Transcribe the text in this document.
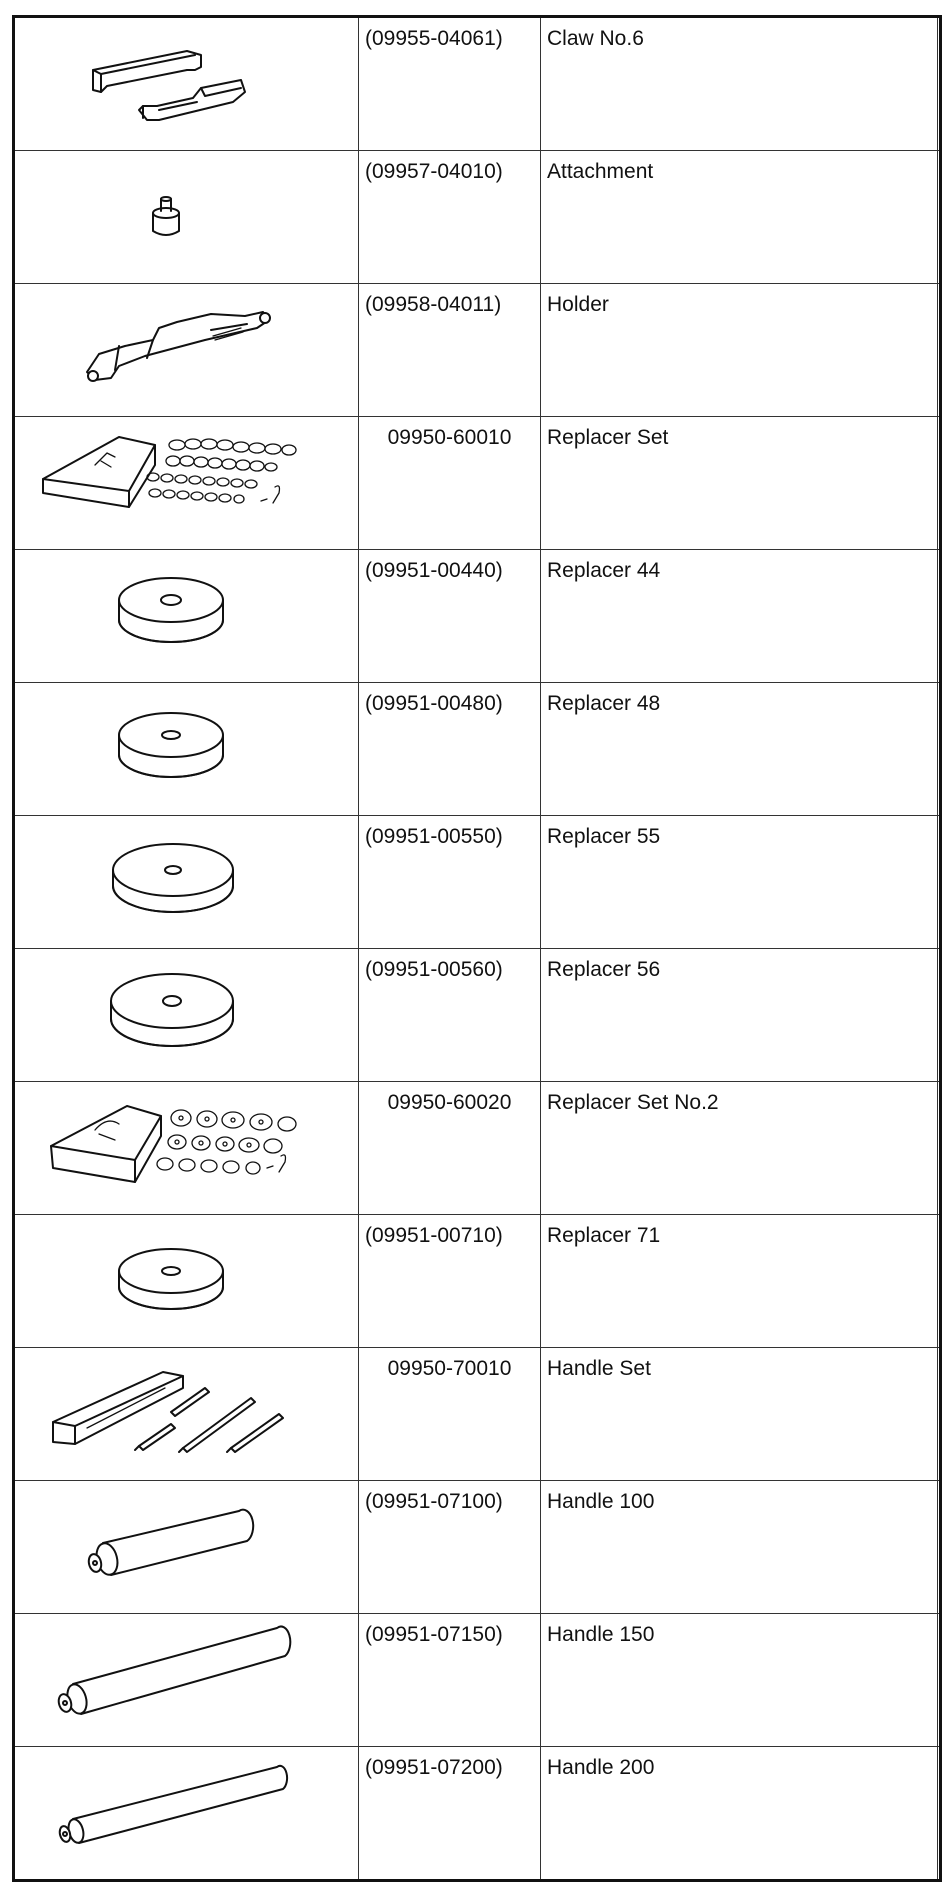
	(09955-04061)	Claw No.6	

	(09957-04010)	Attachment	

	(09958-04011)	Holder	

	09950-60010	Replacer Set	

	(09951-00440)	Replacer 44	

	(09951-00480)	Replacer 48	

	(09951-00550)	Replacer 55	

	(09951-00560)	Replacer 56	

	09950-60020	Replacer Set No.2	

	(09951-00710)	Replacer 71	

	09950-70010	Handle Set	

	(09951-07100)	Handle 100	

	(09951-07150)	Handle 150	

	(09951-07200)	Handle 200	
